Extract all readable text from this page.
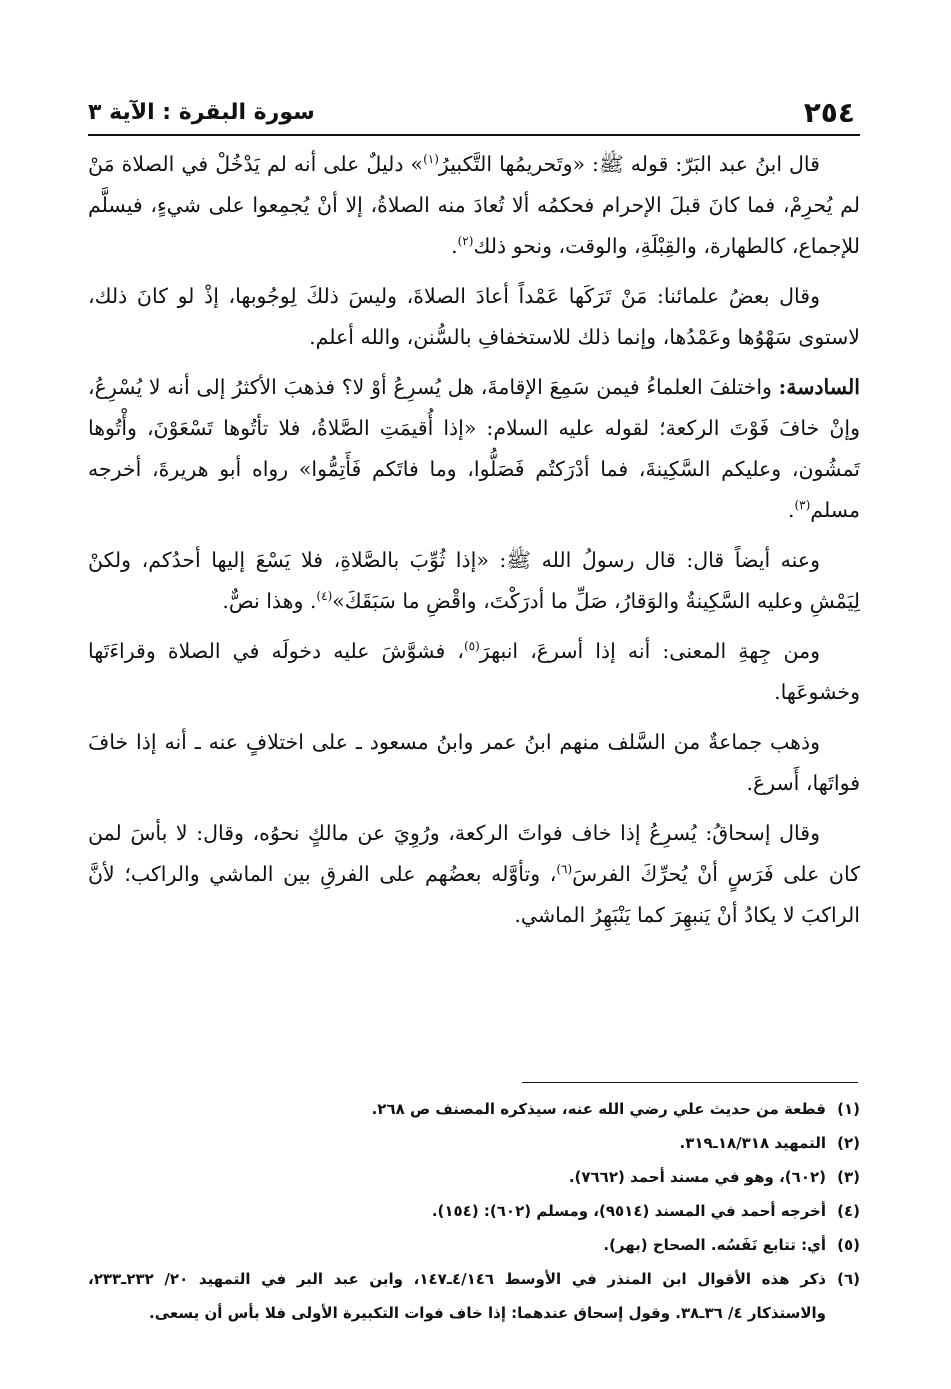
٢٥٤
سورة البقرة : الآية ٣

قال ابنُ عبد البَرّ: قوله ﷺ: «وتَحريمُها التَّكبيرُ$^{(١)}$» دليلٌ على أنه لم يَدْخُلْ في الصلاة مَنْ لم يُحرِمْ، فما كانَ قبلَ الإحرام فحكمُه ألا تُعادَ منه الصلاةُ، إلا أنْ يُجمِعوا على شيءٍ، فيسلَّم للإجماع، كالطهارة، والقِبْلَةِ، والوقت، ونحو ذلك$^{(٢)}$.

وقال بعضُ علمائنا: مَنْ تَرَكَها عَمْداً أعادَ الصلاةَ، وليسَ ذلكَ لِوجُوبها، إذْ لو كانَ ذلك، لاستوى سَهْوُها وعَمْدُها، وإنما ذلك للاستخفافِ بالسُّنن، والله أعلم.

السادسة: واختلفَ العلماءُ فيمن سَمِعَ الإقامةَ، هل يُسرِعُ أوْ لا؟ فذهبَ الأكثرُ إلى أنه لا يُسْرِعُ، وإنْ خافَ فَوْتَ الركعة؛ لقوله عليه السلام: «إذا أُقيمَتِ الصَّلاةُ، فلا تأتُوها تَسْعَوْنَ، وأْتُوها تَمشُون، وعليكم السَّكِينةَ، فما أدْرَكتُم فَصَلُّوا، وما فاتَكم فَأَتِمُّوا» رواه أبو هريرةَ، أخرجه مسلم$^{(٣)}$.

وعنه أيضاً قال: قال رسولُ الله ﷺ: «إذا ثُوِّبَ بالصَّلاةِ، فلا يَسْعَ إليها أحدُكم، ولكنْ لِيَمْشِ وعليه السَّكِينةُ والوَقارُ، صَلِّ ما أدرَكْتَ، واقْضِ ما سَبَقَكَ»$^{(٤)}$. وهذا نصٌّ.

ومن جِهةِ المعنى: أنه إذا أسرعَ، انبهرَ$^{(٥)}$، فشوَّشَ عليه دخولَه في الصلاة وقراءَتَها وخشوعَها.

وذهب جماعةٌ من السَّلف منهم ابنُ عمر وابنُ مسعود ـ على اختلافٍ عنه ـ أنه إذا خافَ فواتَها، أَسرعَ.

وقال إسحاقُ: يُسرِعُ إذا خاف فواتَ الركعة، ورُوِيَ عن مالكٍ نحوُه، وقال: لا بأسَ لمن كان على فَرَسٍ أنْ يُحرِّكَ الفرسَ$^{(٦)}$، وتأوَّله بعضُهم على الفرقِ بين الماشي والراكب؛ لأنَّ الراكبَ لا يكادُ أنْ يَنبهِرَ كما يَنْبَهِرُ الماشي.

(١)
قطعة من حديث علي رضي الله عنه، سيذكره المصنف ص ٢٦٨.
(٢)
التمهيد ١٨/٣١٨ـ٣١٩.
(٣)
(٦٠٢)، وهو في مسند أحمد (٧٦٦٢).
(٤)
أخرجه أحمد في المسند (٩٥١٤)، ومسلم (٦٠٢): (١٥٤).
(٥)
أي: تتابع نَفَسُه. الصحاح (بهر).
(٦)
ذكر هذه الأقوال ابن المنذر في الأوسط ٤/١٤٦ـ١٤٧، وابن عبد البر في التمهيد ٢٠/ ٢٣٢ـ٢٣٣، والاستذكار ٤/ ٣٦ـ٣٨. وقول إسحاق عندهما: إذا خاف فوات التكبيرة الأولى فلا بأس أن يسعى.
